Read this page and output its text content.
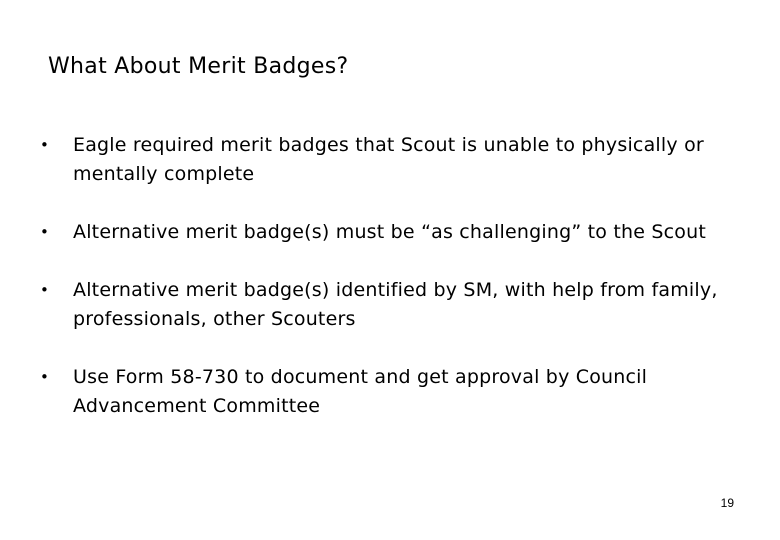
What About Merit Badges?
• Eagle required merit badges that Scout is unable to physically or mentally complete
• Alternative merit badge(s) must be “as challenging” to the Scout
• Alternative merit badge(s) identified by SM, with help from family, professionals, other Scouters
• Use Form 58-730 to document and get approval by Council Advancement Committee
19
